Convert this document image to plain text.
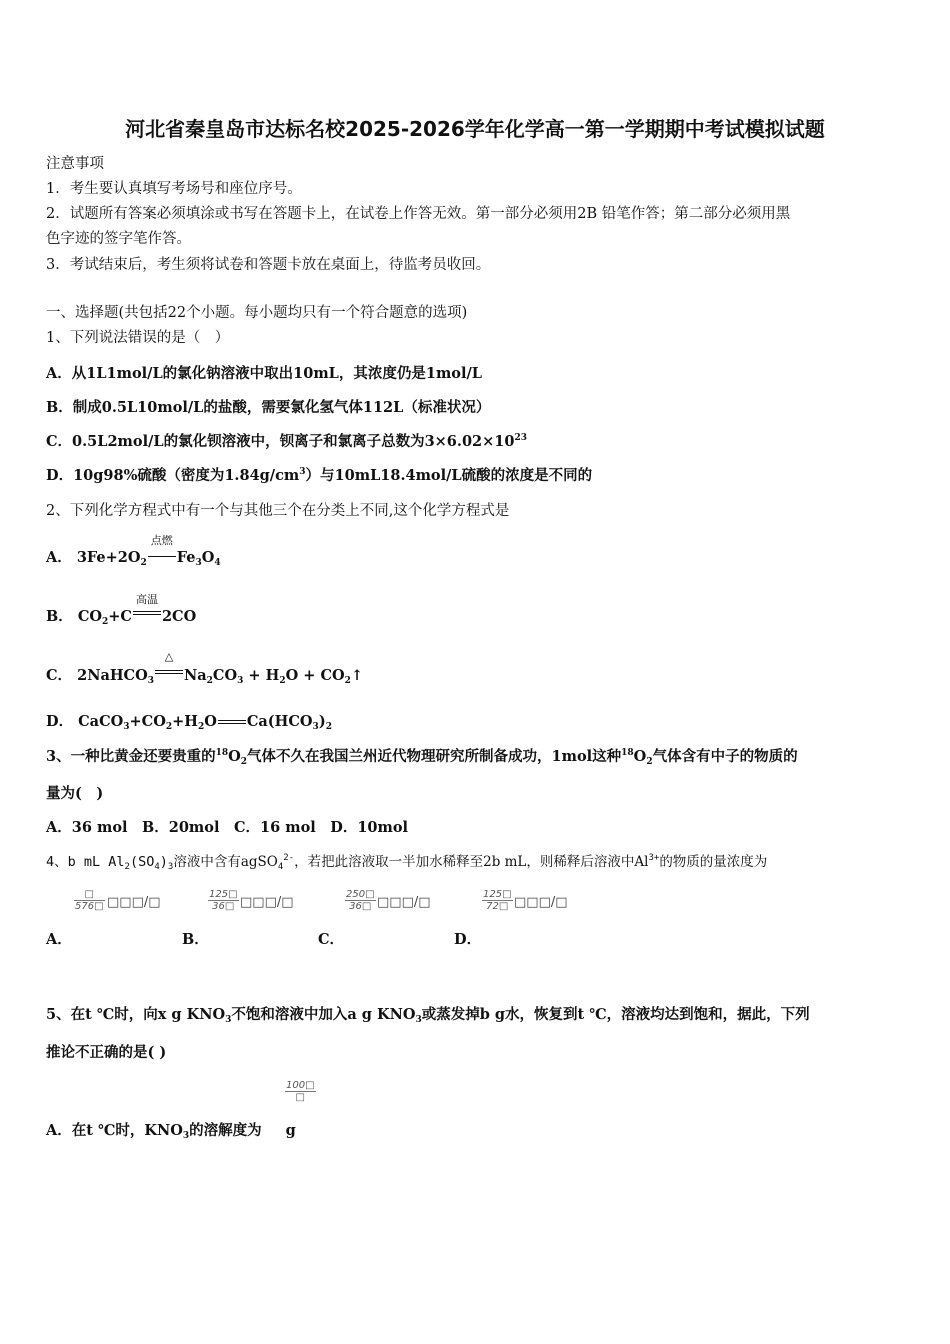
河北省秦皇岛市达标名校2025-2026学年化学高一第一学期期中考试模拟试题
注意事项
1．考生要认真填写考场号和座位序号。
2．试题所有答案必须填涂或书写在答题卡上，在试卷上作答无效。第一部分必须用2B 铅笔作答；第二部分必须用黑
色字迹的签字笔作答。
3．考试结束后，考生须将试卷和答题卡放在桌面上，待监考员收回。
一、选择题(共包括22个小题。每小题均只有一个符合题意的选项)
1、下列说法错误的是（　）
A．从1L1mol/L的氯化钠溶液中取出10mL，其浓度仍是1mol/L
B．制成0.5L10mol/L的盐酸，需要氯化氢气体112L（标准状况）
C．0.5L2mol/L的氯化钡溶液中，钡离子和氯离子总数为$3\times 6.02\times 10^{23}$
D．10g98%硫酸（密度为$1.84g/cm^3$）与10mL18.4mol/L硫酸的浓度是不同的
2、下列化学方程式中有一个与其他三个在分类上不同,这个化学方程式是
A． $3Fe+2O_2$
点燃
$Fe_3O_4$
B． $CO_2+C$
高温
2CO
C． 2NaHCO$_3$
△
$Na_2CO_3 + H_2O$ + $CO_2↑$
D． $CaCO_3+CO_2+H_2O$ $Ca(HCO_3)_2$
3、一种比黄金还要贵重的$^{18}O_2$气体不久在我国兰州近代物理研究所制备成功，1mol这种$^{18}O_2$气体含有中子的物质的
量为(　)
A．36 mol　B．20mol　C．16 mol　D．10mol
4、b mL $Al_2(SO_4)_3$溶液中含有agSO$_4^{2-}$，若把此溶液取一半加水稀释至2b mL，则稀释后溶液中$Al^{3+}$的物质的量浓度为
□
576□ □□□/□
A．
$\frac{125□}{36□}$ □□□/□
B．
$\frac{250□}{36□}$ □□□/□
C．
$\frac{125□}{72□}$ □□□/□
D．
5、在t ℃时，向x g $KNO_3$不饱和溶液中加入a g $KNO_3$或蒸发掉b g水，恢复到t ℃，溶液均达到饱和，据此，下列
推论不正确的是( )
100□
□
A．在t ℃时，$KNO_3$的溶解度为 g
